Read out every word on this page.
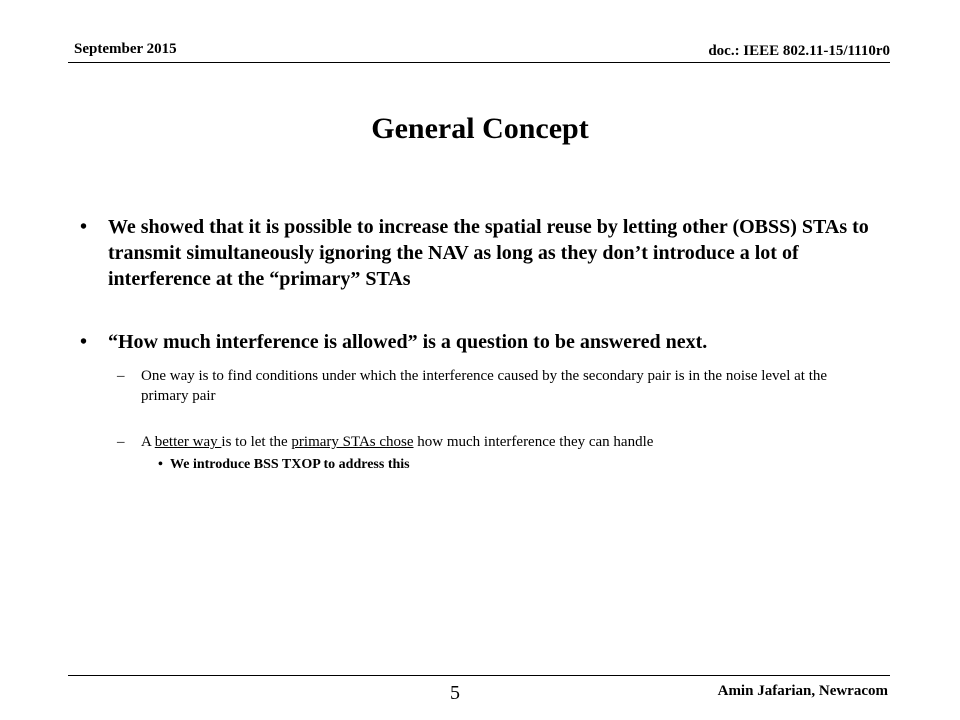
September 2015	doc.: IEEE 802.11-15/1110r0
General Concept
• We showed that it is possible to increase the spatial reuse by letting other (OBSS) STAs to transmit simultaneously ignoring the NAV as long as they don’t introduce a lot of interference at the “primary” STAs
• “How much interference is allowed” is a question to be answered next.
–	One way is to find conditions under which the interference caused by the secondary pair is in the noise level at the primary pair
–	A better way is to let the primary STAs chose how much interference they can handle
• We introduce BSS TXOP to address this
5	Amin Jafarian, Newracom
